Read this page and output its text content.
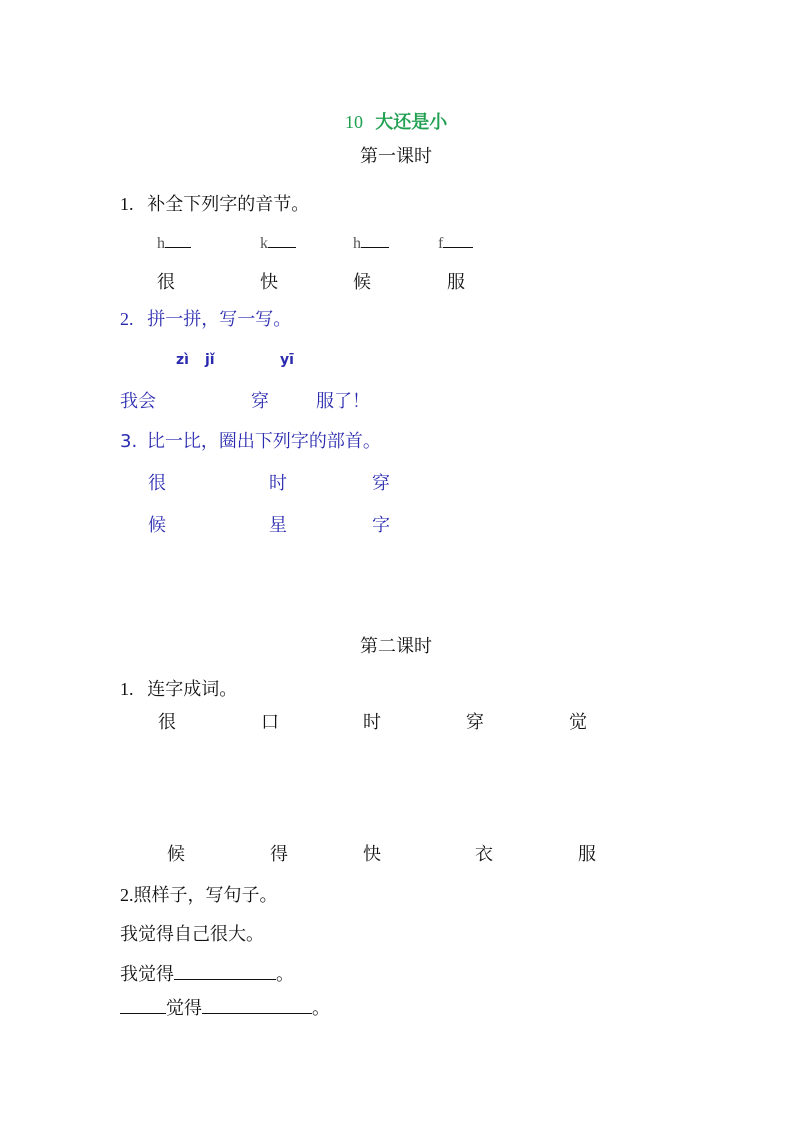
10 大还是小
第一课时
1. 补全下列字的音节。
h	k	h	f
很	快	候	服
2. 拼一拼，写一写。
zì jǐ	yī
我会	穿	服了！
3. 比一比，圈出下列字的部首。
很	时	穿
候	星	字
第二课时
1. 连字成词。
很	口	时	穿	觉
候	得	快	衣	服
2.照样子，写句子。
我觉得自己很大。
我觉得	。
觉得	。
